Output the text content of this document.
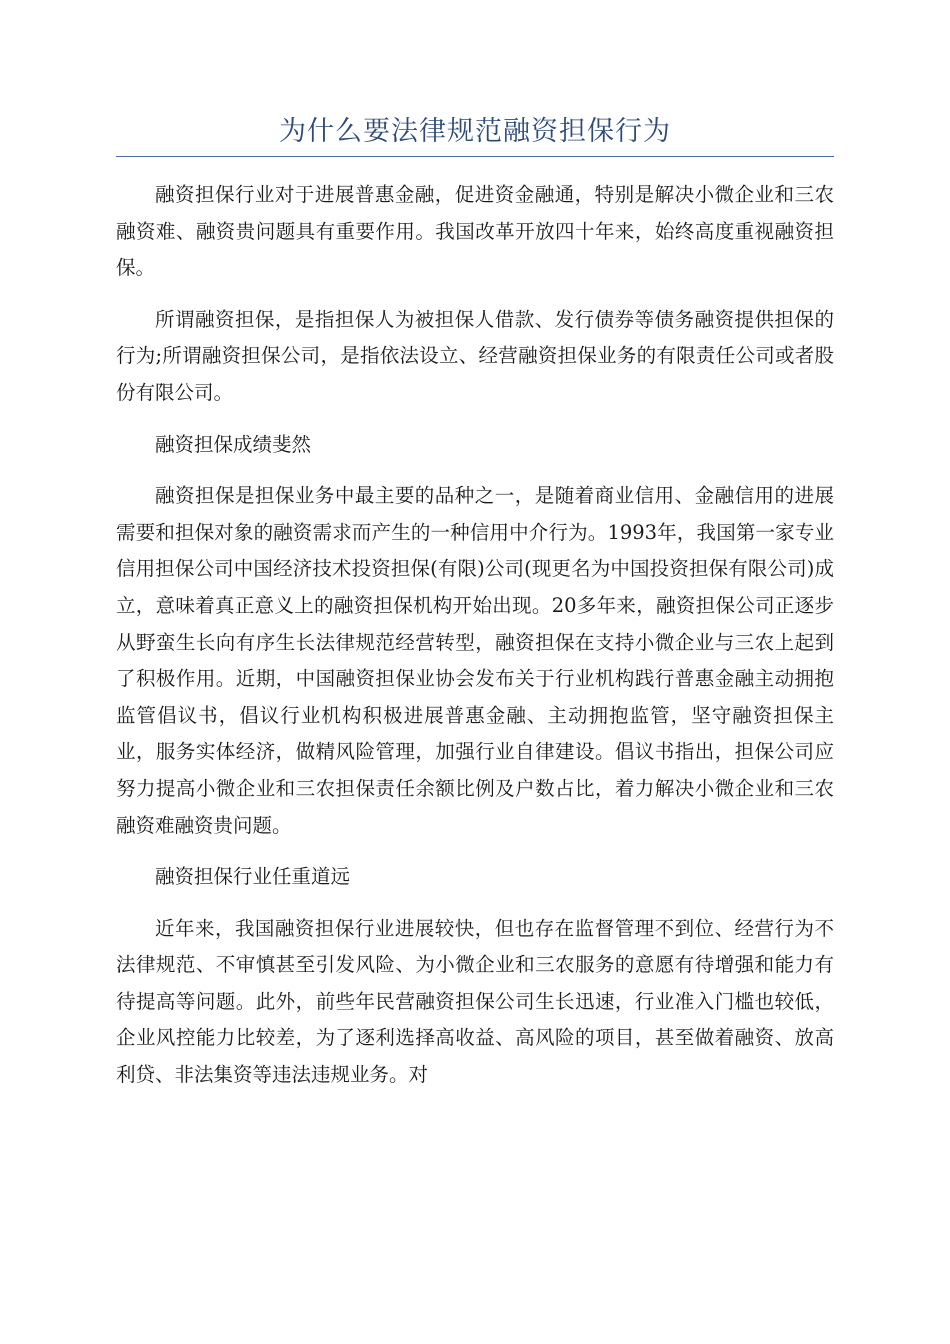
为什么要法律规范融资担保行为

融资担保行业对于进展普惠金融，促进资金融通，特别是解决小微企业和三农融资难、融资贵问题具有重要作用。我国改革开放四十年来，始终高度重视融资担保。

所谓融资担保，是指担保人为被担保人借款、发行债券等债务融资提供担保的行为;所谓融资担保公司，是指依法设立、经营融资担保业务的有限责任公司或者股份有限公司。

融资担保成绩斐然

融资担保是担保业务中最主要的品种之一，是随着商业信用、金融信用的进展需要和担保对象的融资需求而产生的一种信用中介行为。1993年，我国第一家专业信用担保公司中国经济技术投资担保(有限)公司(现更名为中国投资担保有限公司)成立，意味着真正意义上的融资担保机构开始出现。20多年来，融资担保公司正逐步从野蛮生长向有序生长法律规范经营转型，融资担保在支持小微企业与三农上起到了积极作用。近期，中国融资担保业协会发布关于行业机构践行普惠金融主动拥抱监管倡议书，倡议行业机构积极进展普惠金融、主动拥抱监管，坚守融资担保主业，服务实体经济，做精风险管理，加强行业自律建设。倡议书指出，担保公司应努力提高小微企业和三农担保责任余额比例及户数占比，着力解决小微企业和三农融资难融资贵问题。

融资担保行业任重道远

近年来，我国融资担保行业进展较快，但也存在监督管理不到位、经营行为不法律规范、不审慎甚至引发风险、为小微企业和三农服务的意愿有待增强和能力有待提高等问题。此外，前些年民营融资担保公司生长迅速，行业准入门槛也较低，企业风控能力比较差，为了逐利选择高收益、高风险的项目，甚至做着融资、放高利贷、非法集资等违法违规业务。对
